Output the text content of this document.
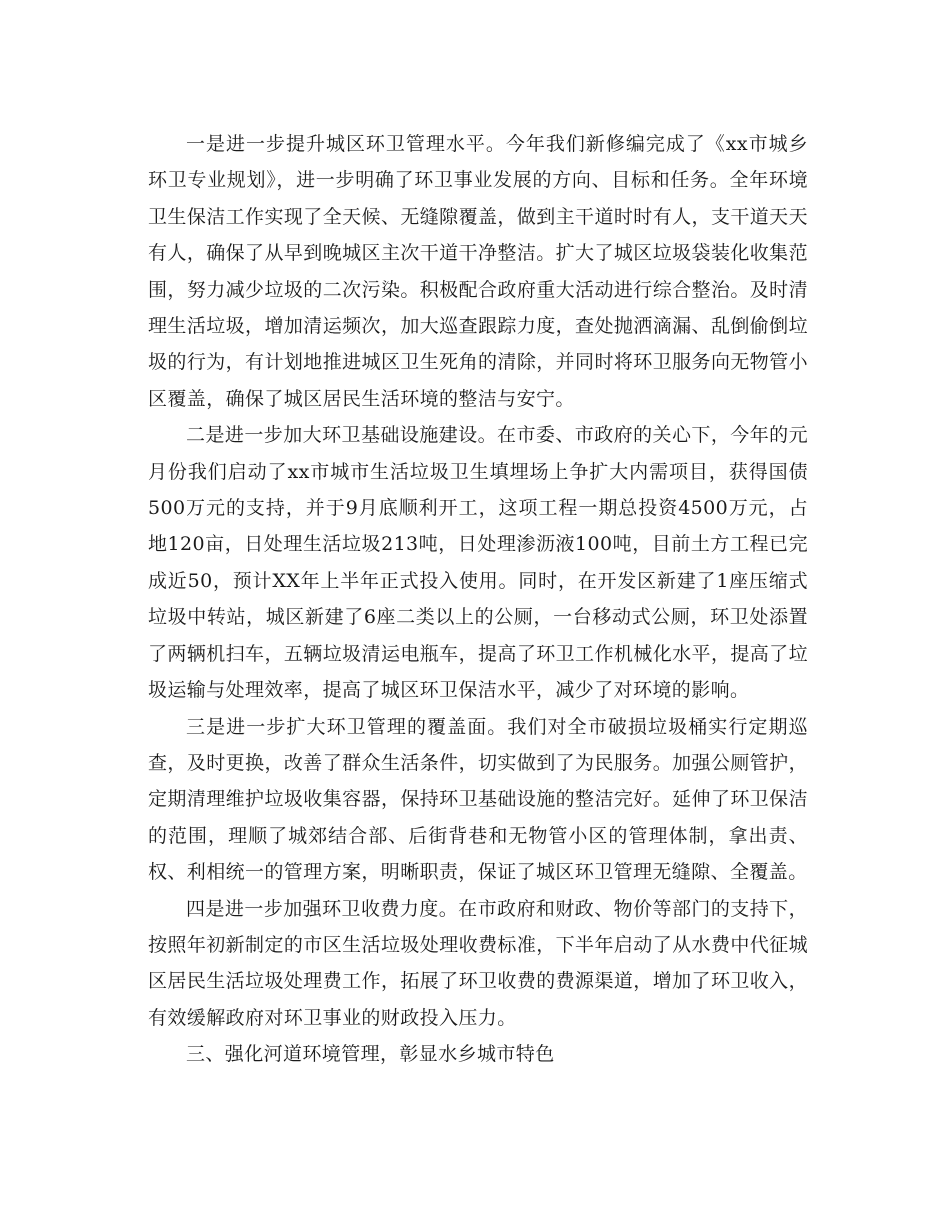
一是进一步提升城区环卫管理水平。今年我们新修编完成了《xx市城乡环卫专业规划》，进一步明确了环卫事业发展的方向、目标和任务。全年环境卫生保洁工作实现了全天候、无缝隙覆盖，做到主干道时时有人，支干道天天有人，确保了从早到晚城区主次干道干净整洁。扩大了城区垃圾袋装化收集范围，努力减少垃圾的二次污染。积极配合政府重大活动进行综合整治。及时清理生活垃圾，增加清运频次，加大巡查跟踪力度，查处抛洒滴漏、乱倒偷倒垃圾的行为，有计划地推进城区卫生死角的清除，并同时将环卫服务向无物管小区覆盖，确保了城区居民生活环境的整洁与安宁。

二是进一步加大环卫基础设施建设。在市委、市政府的关心下，今年的元月份我们启动了xx市城市生活垃圾卫生填埋场上争扩大内需项目，获得国债500万元的支持，并于9月底顺利开工，这项工程一期总投资4500万元，占地120亩，日处理生活垃圾213吨，日处理渗沥液100吨，目前土方工程已完成近50，预计XX年上半年正式投入使用。同时，在开发区新建了1座压缩式垃圾中转站，城区新建了6座二类以上的公厕，一台移动式公厕，环卫处添置了两辆机扫车，五辆垃圾清运电瓶车，提高了环卫工作机械化水平，提高了垃圾运输与处理效率，提高了城区环卫保洁水平，减少了对环境的影响。

三是进一步扩大环卫管理的覆盖面。我们对全市破损垃圾桶实行定期巡查，及时更换，改善了群众生活条件，切实做到了为民服务。加强公厕管护，定期清理维护垃圾收集容器，保持环卫基础设施的整洁完好。延伸了环卫保洁的范围，理顺了城郊结合部、后街背巷和无物管小区的管理体制，拿出责、权、利相统一的管理方案，明晰职责，保证了城区环卫管理无缝隙、全覆盖。

四是进一步加强环卫收费力度。在市政府和财政、物价等部门的支持下，按照年初新制定的市区生活垃圾处理收费标准，下半年启动了从水费中代征城区居民生活垃圾处理费工作，拓展了环卫收费的费源渠道，增加了环卫收入，有效缓解政府对环卫事业的财政投入压力。

三、强化河道环境管理，彰显水乡城市特色
